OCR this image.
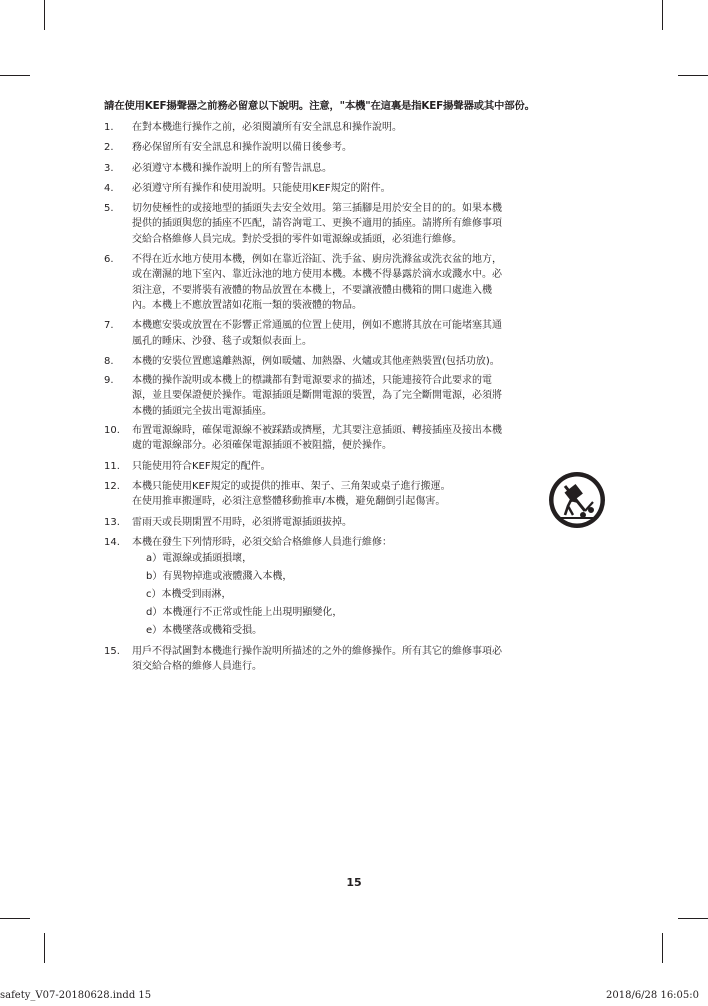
請在使用KEF揚聲器之前務必留意以下說明。注意，"本機"在這裏是指KEF揚聲器或其中部份。
1.	在對本機進行操作之前，必須閱讀所有安全訊息和操作說明。
2.	務必保留所有安全訊息和操作說明以備日後參考。
3.	必須遵守本機和操作說明上的所有警告訊息。
4.	必須遵守所有操作和使用說明。只能使用KEF規定的附件。
5.	切勿使極性的或接地型的插頭失去安全效用。第三插腳是用於安全目的的。如果本機
提供的插頭與您的插座不匹配，請咨詢電工、更換不適用的插座。請將所有維修事項
交給合格維修人員完成。對於受損的零件如電源線或插頭，必須進行維修。
6.	不得在近水地方使用本機，例如在靠近浴缸、洗手盆、廚房洗滌盆或洗衣盆的地方，
或在潮濕的地下室內、靠近泳池的地方使用本機。本機不得暴露於滴水或濺水中。必
須注意，不要將裝有液體的物品放置在本機上，不要讓液體由機箱的開口處進入機
內。本機上不應放置諸如花瓶一類的裝液體的物品。
7.	本機應安裝或放置在不影響正常通風的位置上使用，例如不應將其放在可能堵塞其通
風孔的睡床、沙發、毯子或類似表面上。
8.	本機的安裝位置應遠離熱源，例如暖爐、加熱器、火爐或其他產熱裝置(包括功放)。
9.	本機的操作說明或本機上的標識都有對電源要求的描述，只能連接符合此要求的電
源，並且要保證便於操作。電源插頭是斷開電源的裝置，為了完全斷開電源，必須將
本機的插頭完全拔出電源插座。
10.	布置電源線時，確保電源線不被踩踏或擠壓，尤其要注意插頭、轉接插座及接出本機
處的電源線部分。必須確保電源插頭不被阻擋，便於操作。
11.	只能使用符合KEF規定的配件。
12.	本機只能使用KEF規定的或提供的推車、架子、三角架或桌子進行搬運。
在使用推車搬運時，必須注意整體移動推車/本機，避免翻倒引起傷害。
13.	雷雨天或長期閑置不用時，必須將電源插頭拔掉。
14.	本機在發生下列情形時，必須交給合格維修人員進行維修：
a）電源線或插頭損壞，
b）有異物掉進或液體濺入本機，
c）本機受到雨淋，
d）本機運行不正常或性能上出現明顯變化，
e）本機墜落或機箱受損。
15.	用戶不得試圖對本機進行操作說明所描述的之外的維修操作。所有其它的維修事項必
須交給合格的維修人員進行。
15
safety_V07-20180628.indd 15	2018/6/28 16:05:0
